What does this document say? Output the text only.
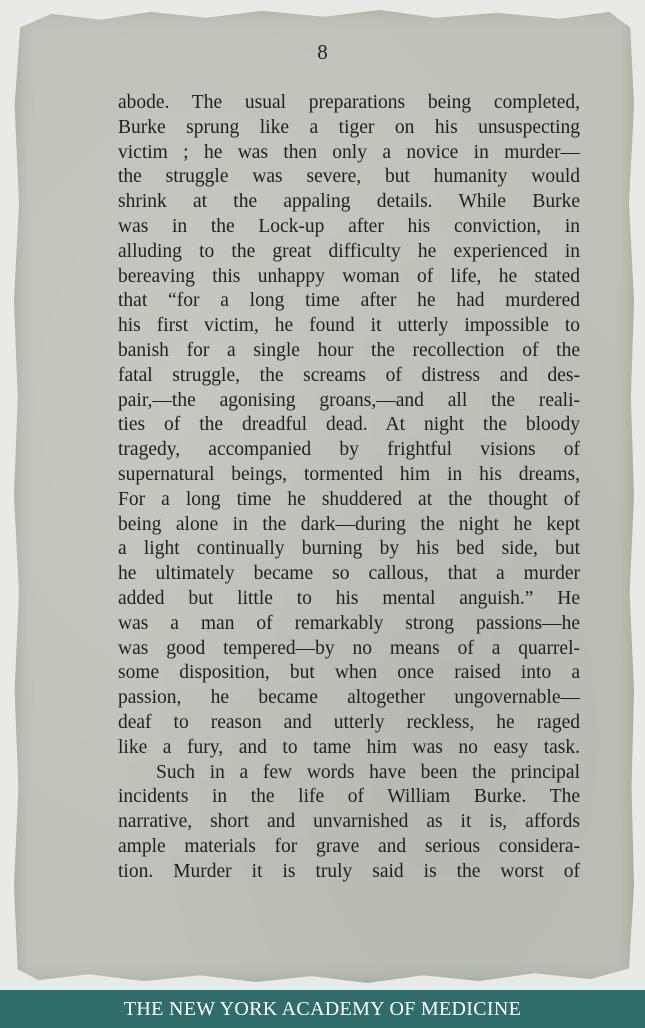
8

abode. The usual preparations being completed,
Burke sprung like a tiger on his unsuspecting
victim ; he was then only a novice in murder—
the struggle was severe, but humanity would
shrink at the appaling details. While Burke
was in the Lock-up after his conviction, in
alluding to the great difficulty he experienced in
bereaving this unhappy woman of life, he stated
that “for a long time after he had murdered
his first victim, he found it utterly impossible to
banish for a single hour the recollection of the
fatal struggle, the screams of distress and des-
pair,—the agonising groans,—and all the reali-
ties of the dreadful dead. At night the bloody
tragedy, accompanied by frightful visions of
supernatural beings, tormented him in his dreams,
For a long time he shuddered at the thought of
being alone in the dark—during the night he kept
a light continually burning by his bed side, but
he ultimately became so callous, that a murder
added but little to his mental anguish.” He
was a man of remarkably strong passions—he
was good tempered—by no means of a quarrel-
some disposition, but when once raised into a
passion, he became altogether ungovernable—
deaf to reason and utterly reckless, he raged
like a fury, and to tame him was no easy task.
Such in a few words have been the principal
incidents in the life of William Burke. The
narrative, short and unvarnished as it is, affords
ample materials for grave and serious considera-
tion. Murder it is truly said is the worst of

THE NEW YORK ACADEMY OF MEDICINE
